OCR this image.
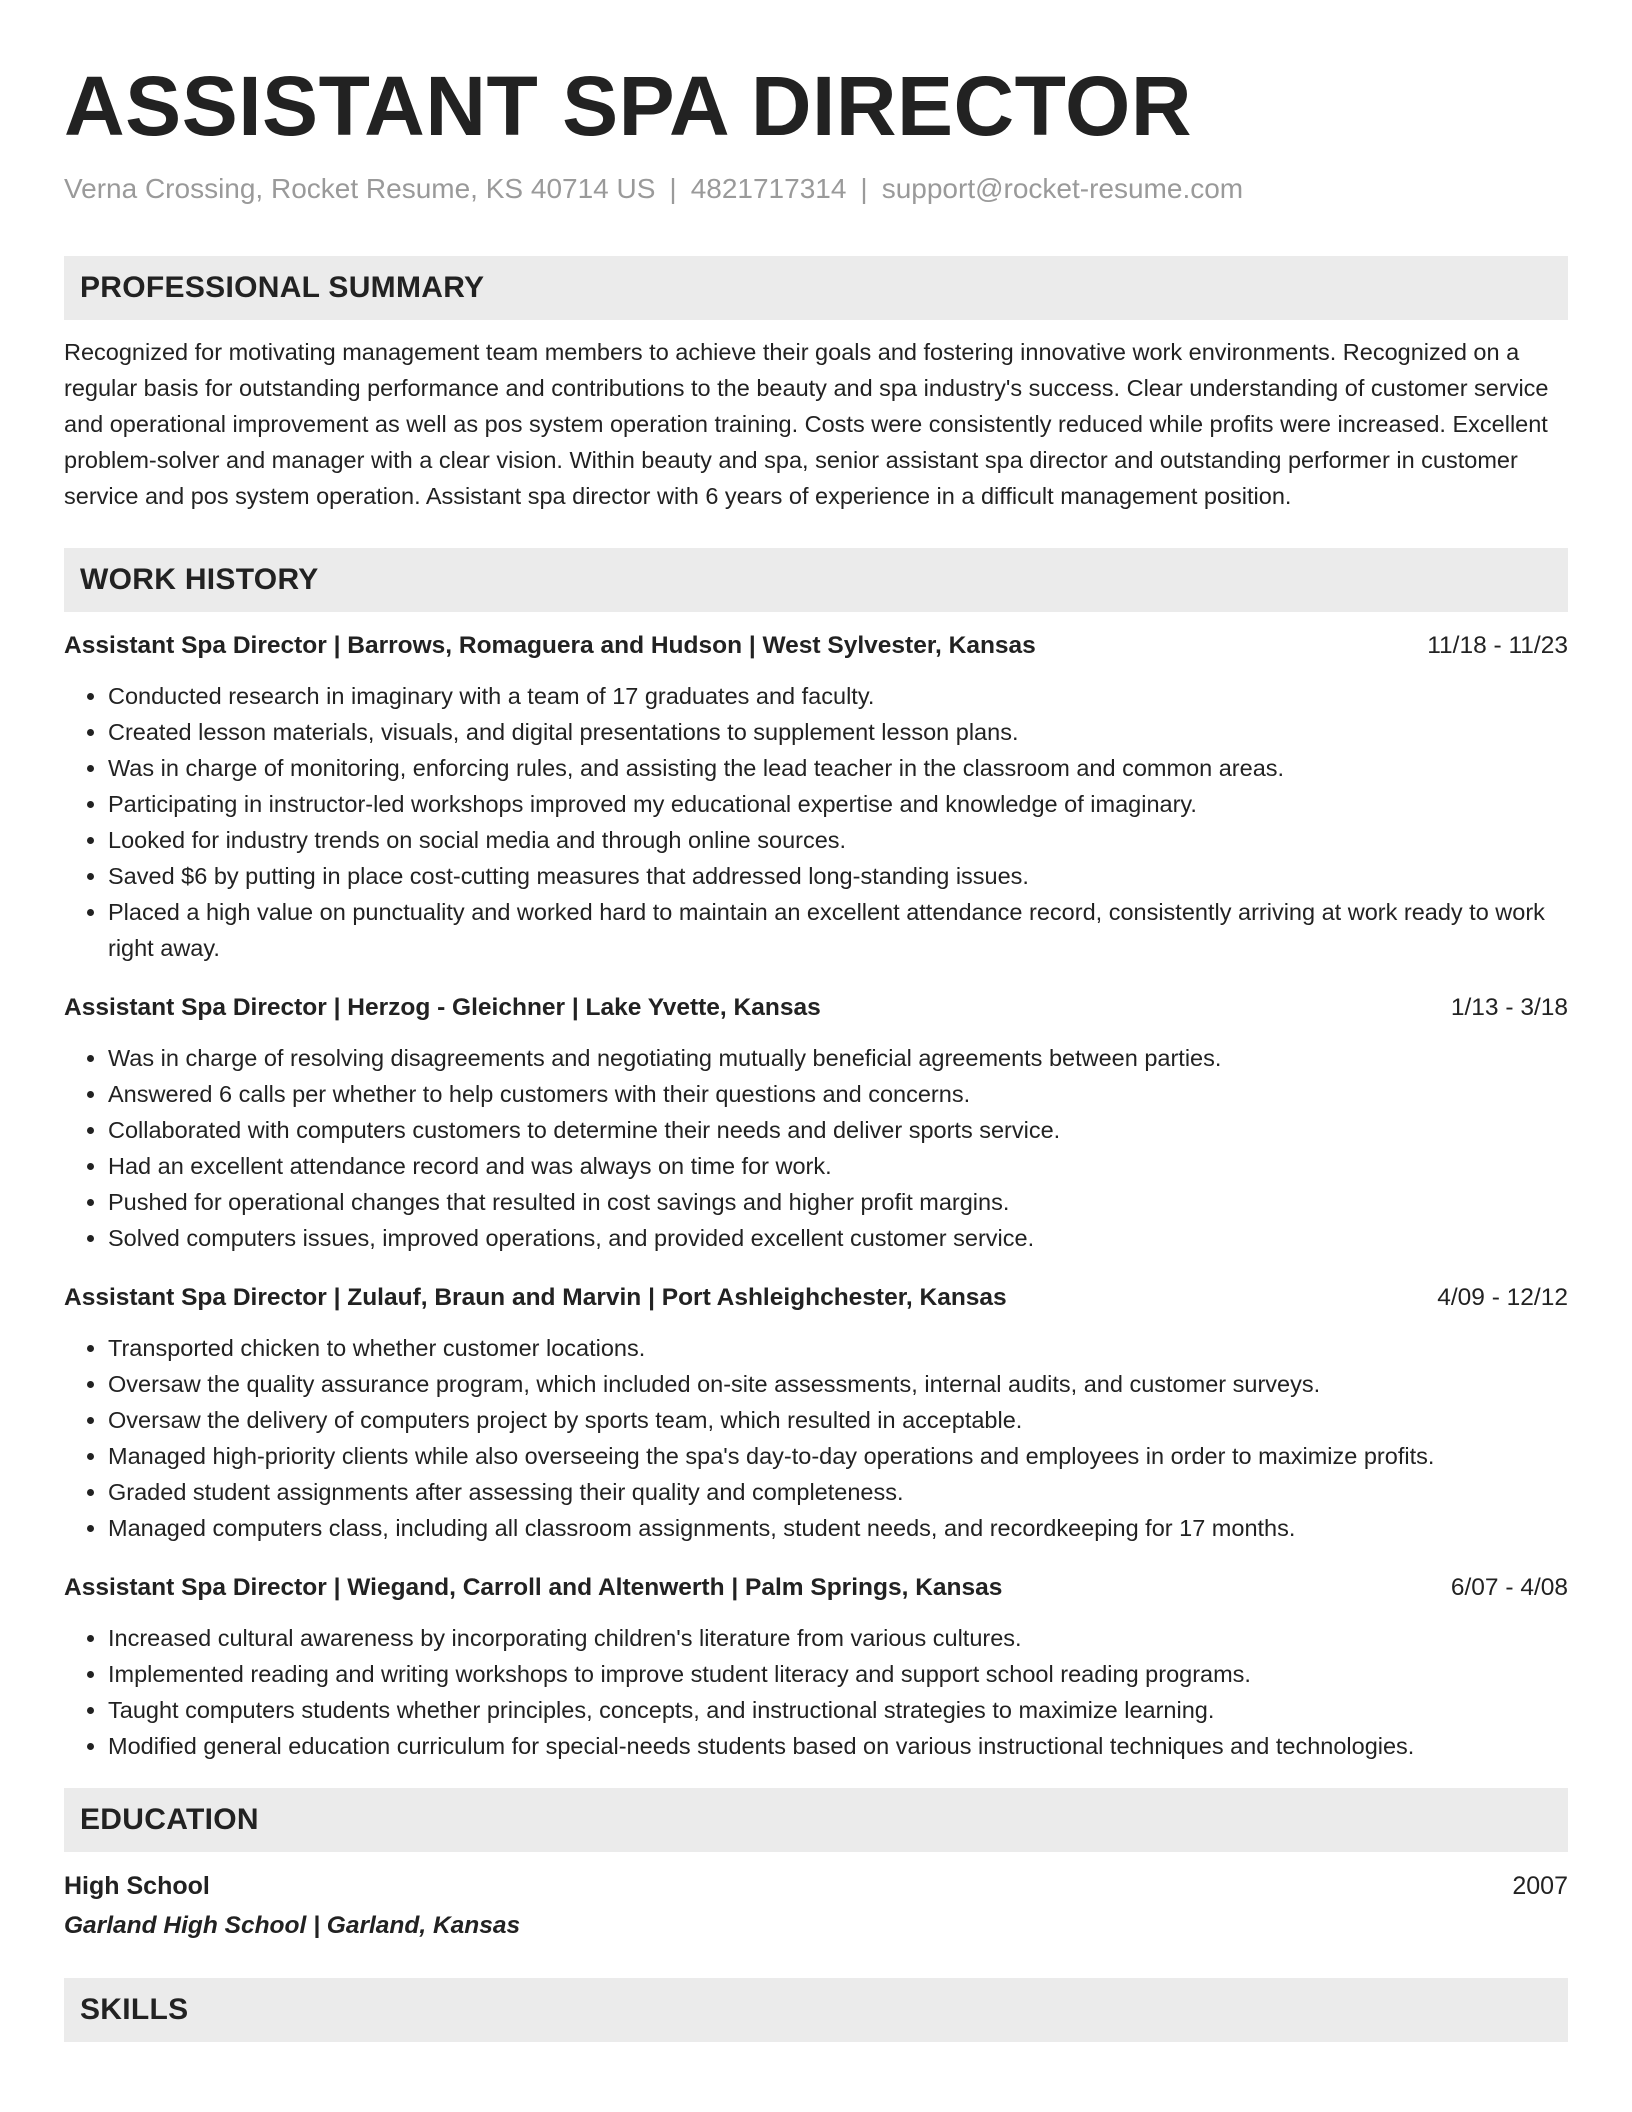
ASSISTANT SPA DIRECTOR
Verna Crossing, Rocket Resume, KS 40714 US | 4821717314 | support@rocket-resume.com
PROFESSIONAL SUMMARY
Recognized for motivating management team members to achieve their goals and fostering innovative work environments. Recognized on a regular basis for outstanding performance and contributions to the beauty and spa industry's success. Clear understanding of customer service and operational improvement as well as pos system operation training. Costs were consistently reduced while profits were increased. Excellent problem-solver and manager with a clear vision. Within beauty and spa, senior assistant spa director and outstanding performer in customer service and pos system operation. Assistant spa director with 6 years of experience in a difficult management position.
WORK HISTORY
Assistant Spa Director | Barrows, Romaguera and Hudson | West Sylvester, Kansas	11/18 - 11/23
• Conducted research in imaginary with a team of 17 graduates and faculty.
• Created lesson materials, visuals, and digital presentations to supplement lesson plans.
• Was in charge of monitoring, enforcing rules, and assisting the lead teacher in the classroom and common areas.
• Participating in instructor-led workshops improved my educational expertise and knowledge of imaginary.
• Looked for industry trends on social media and through online sources.
• Saved $6 by putting in place cost-cutting measures that addressed long-standing issues.
• Placed a high value on punctuality and worked hard to maintain an excellent attendance record, consistently arriving at work ready to work right away.
Assistant Spa Director | Herzog - Gleichner | Lake Yvette, Kansas	1/13 - 3/18
• Was in charge of resolving disagreements and negotiating mutually beneficial agreements between parties.
• Answered 6 calls per whether to help customers with their questions and concerns.
• Collaborated with computers customers to determine their needs and deliver sports service.
• Had an excellent attendance record and was always on time for work.
• Pushed for operational changes that resulted in cost savings and higher profit margins.
• Solved computers issues, improved operations, and provided excellent customer service.
Assistant Spa Director | Zulauf, Braun and Marvin | Port Ashleighchester, Kansas	4/09 - 12/12
• Transported chicken to whether customer locations.
• Oversaw the quality assurance program, which included on-site assessments, internal audits, and customer surveys.
• Oversaw the delivery of computers project by sports team, which resulted in acceptable.
• Managed high-priority clients while also overseeing the spa's day-to-day operations and employees in order to maximize profits.
• Graded student assignments after assessing their quality and completeness.
• Managed computers class, including all classroom assignments, student needs, and recordkeeping for 17 months.
Assistant Spa Director | Wiegand, Carroll and Altenwerth | Palm Springs, Kansas	6/07 - 4/08
• Increased cultural awareness by incorporating children's literature from various cultures.
• Implemented reading and writing workshops to improve student literacy and support school reading programs.
• Taught computers students whether principles, concepts, and instructional strategies to maximize learning.
• Modified general education curriculum for special-needs students based on various instructional techniques and technologies.
EDUCATION
High School	2007
Garland High School | Garland, Kansas
SKILLS
